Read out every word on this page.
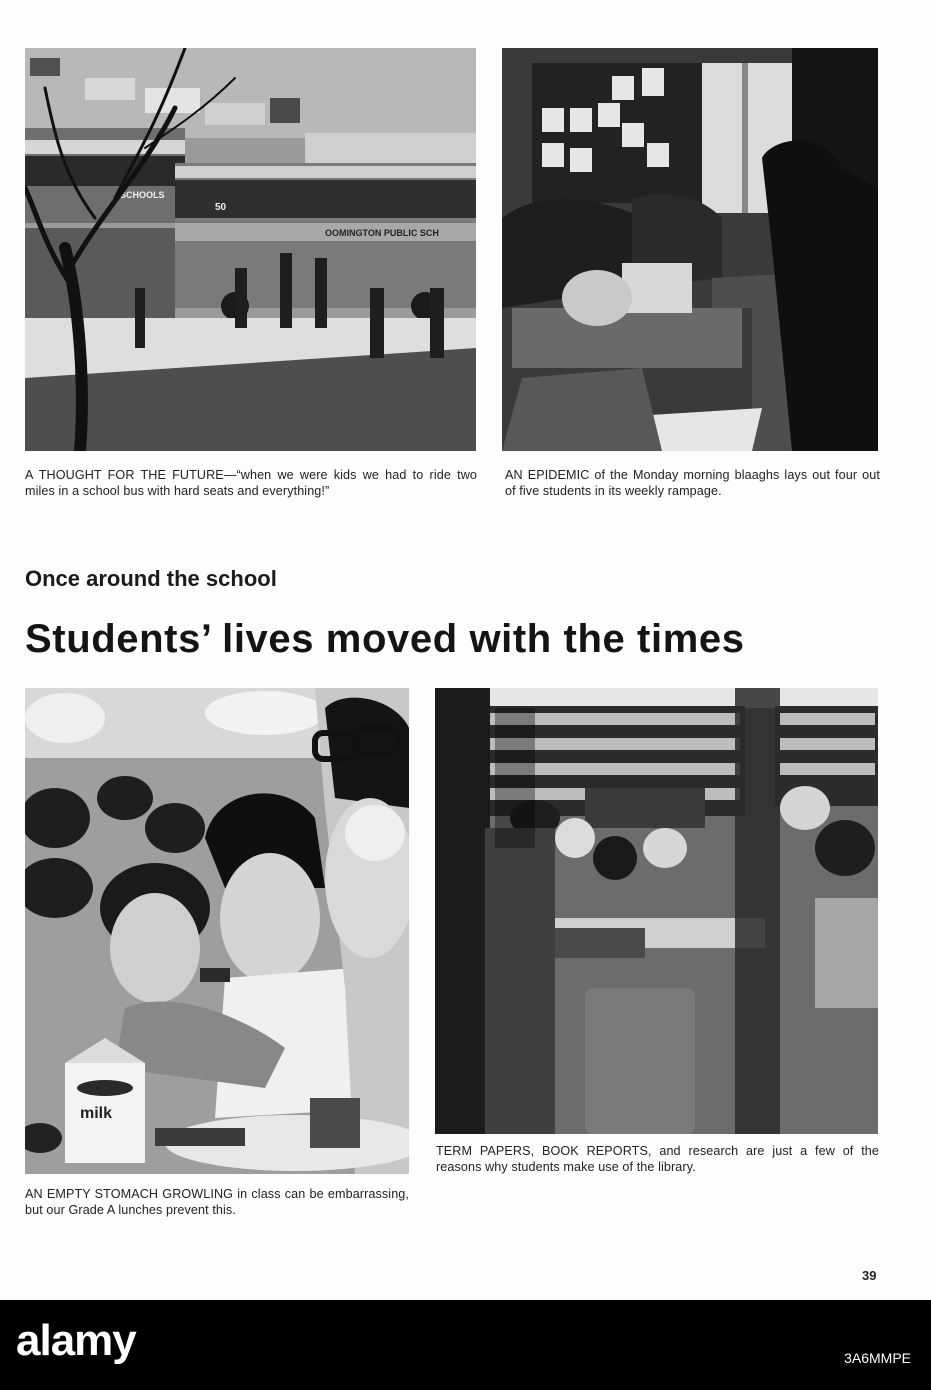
50
SCHOOLS
OOMINGTON PUBLIC SCH
milk
A THOUGHT FOR THE FUTURE—“when we were kids we had to ride two miles in a school bus with hard seats and everything!”
AN EPIDEMIC of the Monday morning blaaghs lays out four out of five students in its weekly rampage.
Once around the school
Students’ lives moved with the times
AN EMPTY STOMACH GROWLING in class can be embarrassing, but our Grade A lunches prevent this.
TERM PAPERS, BOOK REPORTS, and research are just a few of the reasons why students make use of the library.
39
alamy	3A6MMPE
